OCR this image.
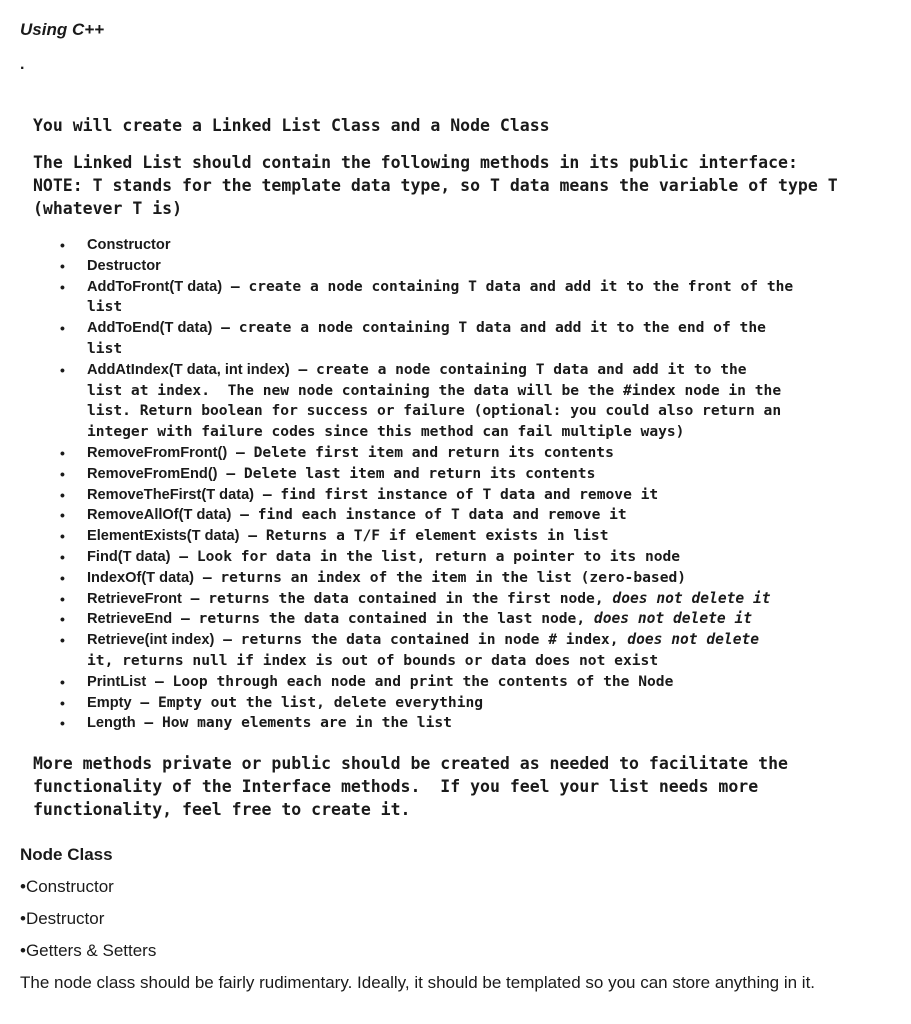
Using C++
.

You will create a Linked List Class and a Node Class

The Linked List should contain the following methods in its public interface:
NOTE: T stands for the template data type, so T data means the variable of type T
(whatever T is)

• Constructor
• Destructor
• AddToFront(T data) – create a node containing T data and add it to the front of the
list
• AddToEnd(T data) – create a node containing T data and add it to the end of the
list
• AddAtIndex(T data, int index) – create a node containing T data and add it to the
list at index.  The new node containing the data will be the #index node in the
list. Return boolean for success or failure (optional: you could also return an
integer with failure codes since this method can fail multiple ways)
• RemoveFromFront() – Delete first item and return its contents
• RemoveFromEnd() – Delete last item and return its contents
• RemoveTheFirst(T data) – find first instance of T data and remove it
• RemoveAllOf(T data) – find each instance of T data and remove it
• ElementExists(T data) – Returns a T/F if element exists in list
• Find(T data) – Look for data in the list, return a pointer to its node
• IndexOf(T data) – returns an index of the item in the list (zero-based)
• RetrieveFront – returns the data contained in the first node, does not delete it
• RetrieveEnd – returns the data contained in the last node, does not delete it
• Retrieve(int index) – returns the data contained in node # index, does not delete
it, returns null if index is out of bounds or data does not exist
• PrintList – Loop through each node and print the contents of the Node
• Empty – Empty out the list, delete everything
• Length – How many elements are in the list

More methods private or public should be created as needed to facilitate the
functionality of the Interface methods.  If you feel your list needs more
functionality, feel free to create it.

Node Class
•Constructor
•Destructor
•Getters & Setters
The node class should be fairly rudimentary. Ideally, it should be templated so you can store anything in it.
